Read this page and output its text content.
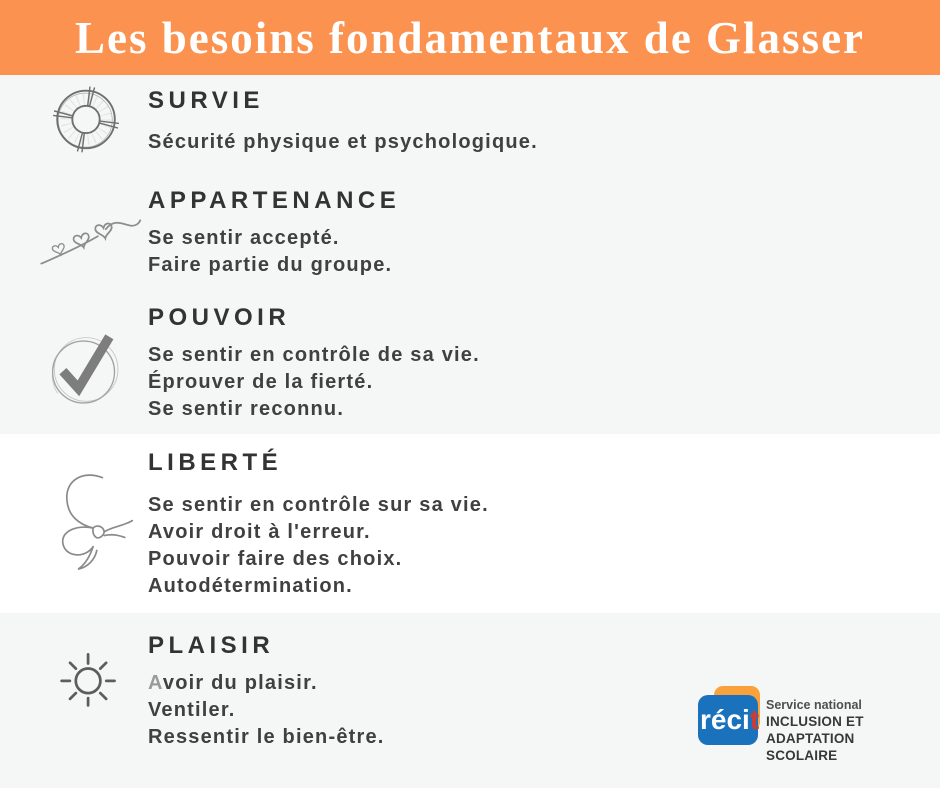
Les besoins fondamentaux de Glasser
SURVIE

Sécurité physique et psychologique.

APPARTENANCE

Se sentir accepté.

Faire partie du groupe.

POUVOIR

Se sentir en contrôle de sa vie.

Éprouver de la fierté.

Se sentir reconnu.

LIBERTÉ

Se sentir en contrôle sur sa vie.

Avoir droit à l'erreur.

Pouvoir faire des choix.

Autodétermination.

PLAISIR

Avoir du plaisir.

Ventiler.

Ressentir le bien-être.

récit Service national
INCLUSION ET ADAPTATION
SCOLAIRE
